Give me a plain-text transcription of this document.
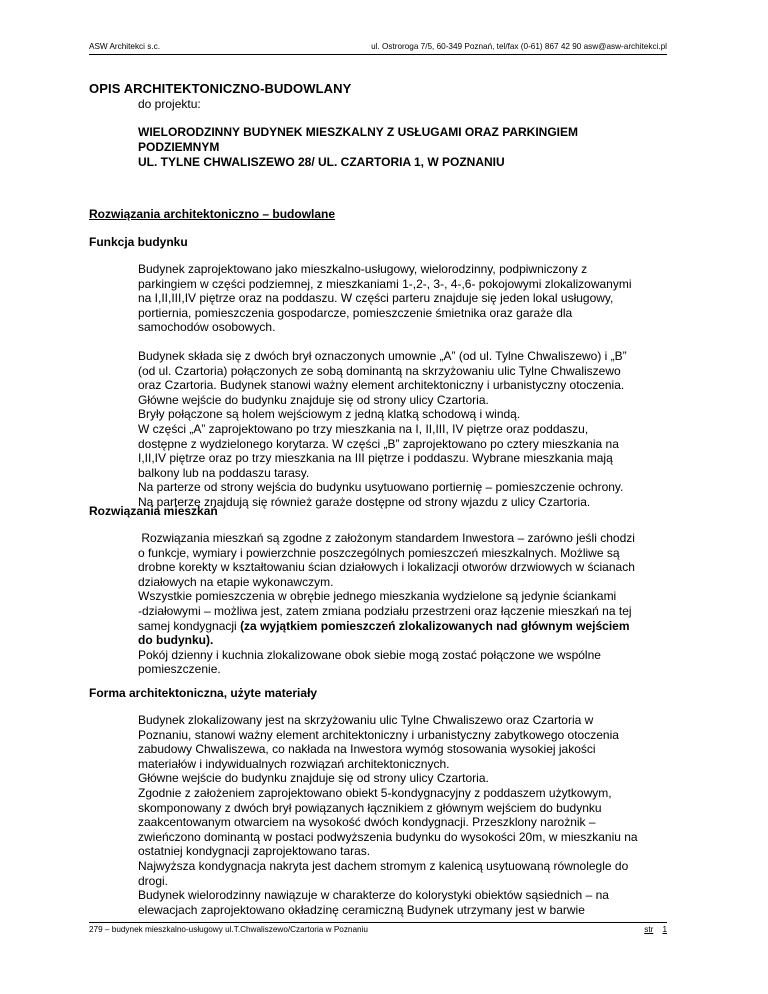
ASW Architekci s.c.	ul. Ostroroga 7/5, 60-349 Poznań, tel/fax (0-61) 867 42 90 asw@asw-architekci.pl
OPIS ARCHITEKTONICZNO-BUDOWLANY
do projektu:
WIELORODZINNY BUDYNEK MIESZKALNY Z USŁUGAMI ORAZ PARKINGIEM
PODZIEMNYM
UL. TYLNE CHWALISZEWO 28/ UL. CZARTORIA 1, W POZNANIU
Rozwiązania architektoniczno – budowlane
Funkcja budynku
Budynek zaprojektowano jako mieszkalno-usługowy, wielorodzinny, podpiwniczony z
parkingiem w części podziemnej, z mieszkaniami 1-,2-, 3-, 4-,6- pokojowymi zlokalizowanymi
na I,II,III,IV piętrze oraz na poddaszu. W części parteru znajduje się jeden lokal usługowy,
portiernia, pomieszczenia gospodarcze, pomieszczenie śmietnika oraz garaże dla
samochodów osobowych.
Budynek składa się z dwóch brył oznaczonych umownie „A” (od ul. Tylne Chwaliszewo) i „B”
(od ul. Czartoria) połączonych ze sobą dominantą na skrzyżowaniu ulic Tylne Chwaliszewo
oraz Czartoria. Budynek stanowi ważny element architektoniczny i urbanistyczny otoczenia.
Główne wejście do budynku znajduje się od strony ulicy Czartoria.
Bryły połączone są holem wejściowym z jedną klatką schodową i windą.
W części „A” zaprojektowano po trzy mieszkania na I, II,III, IV piętrze oraz poddaszu,
dostępne z wydzielonego korytarza. W części „B” zaprojektowano po cztery mieszkania na
I,II,IV piętrze oraz po trzy mieszkania na III piętrze i poddaszu. Wybrane mieszkania mają
balkony lub na poddaszu tarasy.
Na parterze od strony wejścia do budynku usytuowano portiernię – pomieszczenie ochrony.
Na parterze znajdują się również garaże dostępne od strony wjazdu z ulicy Czartoria.
Rozwiązania mieszkań
Rozwiązania mieszkań są zgodne z założonym standardem Inwestora – zarówno jeśli chodzi
o funkcje, wymiary i powierzchnie poszczególnych pomieszczeń mieszkalnych. Możliwe są
drobne korekty w kształtowaniu ścian działowych i lokalizacji otworów drzwiowych w ścianach
działowych na etapie wykonawczym.
Wszystkie pomieszczenia w obrębie jednego mieszkania wydzielone są jedynie ściankami
-działowymi – możliwa jest, zatem zmiana podziału przestrzeni oraz łączenie mieszkań na tej
samej kondygnacji (za wyjątkiem pomieszczeń zlokalizowanych nad głównym wejściem
do budynku).
Pokój dzienny i kuchnia zlokalizowane obok siebie mogą zostać połączone we wspólne
pomieszczenie.
Forma architektoniczna, użyte materiały
Budynek zlokalizowany jest na skrzyżowaniu ulic Tylne Chwaliszewo oraz Czartoria w
Poznaniu, stanowi ważny element architektoniczny i urbanistyczny zabytkowego otoczenia
zabudowy Chwaliszewa, co nakłada na Inwestora wymóg stosowania wysokiej jakości
materiałów i indywidualnych rozwiązań architektonicznych.
Główne wejście do budynku znajduje się od strony ulicy Czartoria.
Zgodnie z założeniem zaprojektowano obiekt 5-kondygnacyjny z poddaszem użytkowym,
skomponowany z dwóch brył powiązanych łącznikiem z głównym wejściem do budynku
zaakcentowanym otwarciem na wysokość dwóch kondygnacji. Przeszklony narożnik –
zwieńczono dominantą w postaci podwyższenia budynku do wysokości 20m, w mieszkaniu na
ostatniej kondygnacji zaprojektowano taras.
Najwyższa kondygnacja nakryta jest dachem stromym z kalenicą usytuowaną równolegle do
drogi.
Budynek wielorodzinny nawiązuje w charakterze do kolorystyki obiektów sąsiednich – na
elewacjach zaprojektowano okładzinę ceramiczną Budynek utrzymany jest w barwie
279 – budynek mieszkalno-usługowy ul.T.Chwaliszewo/Czartoria w Poznaniu	str 1
